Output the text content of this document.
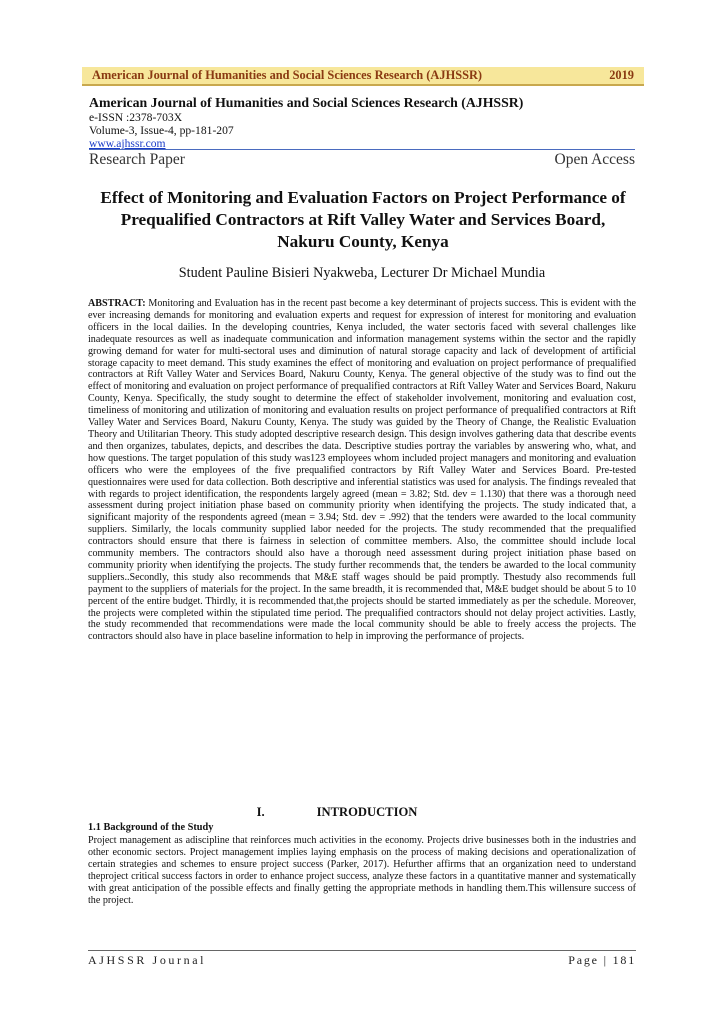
American Journal of Humanities and Social Sciences Research (AJHSSR)	2019
American Journal of Humanities and Social Sciences Research (AJHSSR)
e-ISSN :2378-703X
Volume-3, Issue-4, pp-181-207
www.ajhssr.com
Research Paper	Open Access
Effect of Monitoring and Evaluation Factors on Project Performance of Prequalified Contractors at Rift Valley Water and Services Board, Nakuru County, Kenya
Student Pauline Bisieri Nyakweba, Lecturer Dr Michael Mundia

ABSTRACT: Monitoring and Evaluation has in the recent past become a key determinant of projects success. This is evident with the ever increasing demands for monitoring and evaluation experts and request for expression of interest for monitoring and evaluation officers in the local dailies. In the developing countries, Kenya included, the water sectoris faced with several challenges like inadequate resources as well as inadequate communication and information management systems within the sector and the rapidly growing demand for water for multi-sectoral uses and diminution of natural storage capacity and lack of development of artificial storage capacity to meet demand. This study examines the effect of monitoring and evaluation on project performance of prequalified contractors at Rift Valley Water and Services Board, Nakuru County, Kenya. The general objective of the study was to find out the effect of monitoring and evaluation on project performance of prequalified contractors at Rift Valley Water and Services Board, Nakuru County, Kenya. Specifically, the study sought to determine the effect of stakeholder involvement, monitoring and evaluation cost, timeliness of monitoring and utilization of monitoring and evaluation results on project performance of prequalified contractors at Rift Valley Water and Services Board, Nakuru County, Kenya. The study was guided by the Theory of Change, the Realistic Evaluation Theory and Utilitarian Theory. This study adopted descriptive research design. This design involves gathering data that describe events and then organizes, tabulates, depicts, and describes the data. Descriptive studies portray the variables by answering who, what, and how questions. The target population of this study was123 employees whom included project managers and monitoring and evaluation officers who were the employees of the five prequalified contractors by Rift Valley Water and Services Board. Pre-tested questionnaires were used for data collection. Both descriptive and inferential statistics was used for analysis. The findings revealed that with regards to project identification, the respondents largely agreed (mean = 3.82; Std. dev = 1.130) that there was a thorough need assessment during project initiation phase based on community priority when identifying the projects. The study indicated that, a significant majority of the respondents agreed (mean = 3.94; Std. dev = .992) that the tenders were awarded to the local community suppliers. Similarly, the locals community supplied labor needed for the projects. The study recommended that the prequalified contractors should ensure that there is fairness in selection of committee members. Also, the committee should include local community members. The contractors should also have a thorough need assessment during project initiation phase based on community priority when identifying the projects. The study further recommends that, the tenders be awarded to the local community suppliers..Secondly, this study also recommends that M&E staff wages should be paid promptly. Thestudy also recommends full payment to the suppliers of materials for the project. In the same breadth, it is recommended that, M&E budget should be about 5 to 10 percent of the entire budget. Thirdly, it is recommended that,the projects should be started immediately as per the schedule. Moreover, the projects were completed within the stipulated time period. The prequalified contractors should not delay project activities. Lastly, the study recommended that recommendations were made the local community should be able to freely access the projects. The contractors should also have in place baseline information to help in improving the performance of projects.

I.	INTRODUCTION
1.1 Background of the Study

Project management as adiscipline that reinforces much activities in the economy. Projects drive businesses both in the industries and other economic sectors. Project management implies laying emphasis on the process of making decisions and operationalization of certain strategies and schemes to ensure project success (Parker, 2017). Hefurther affirms that an organization need to understand theproject critical success factors in order to enhance project success, analyze these factors in a quantitative manner and systematically with great anticipation of the possible effects and finally getting the appropriate methods in handling them.This willensure success of the project.

AJHSSR Journal	Page | 181
